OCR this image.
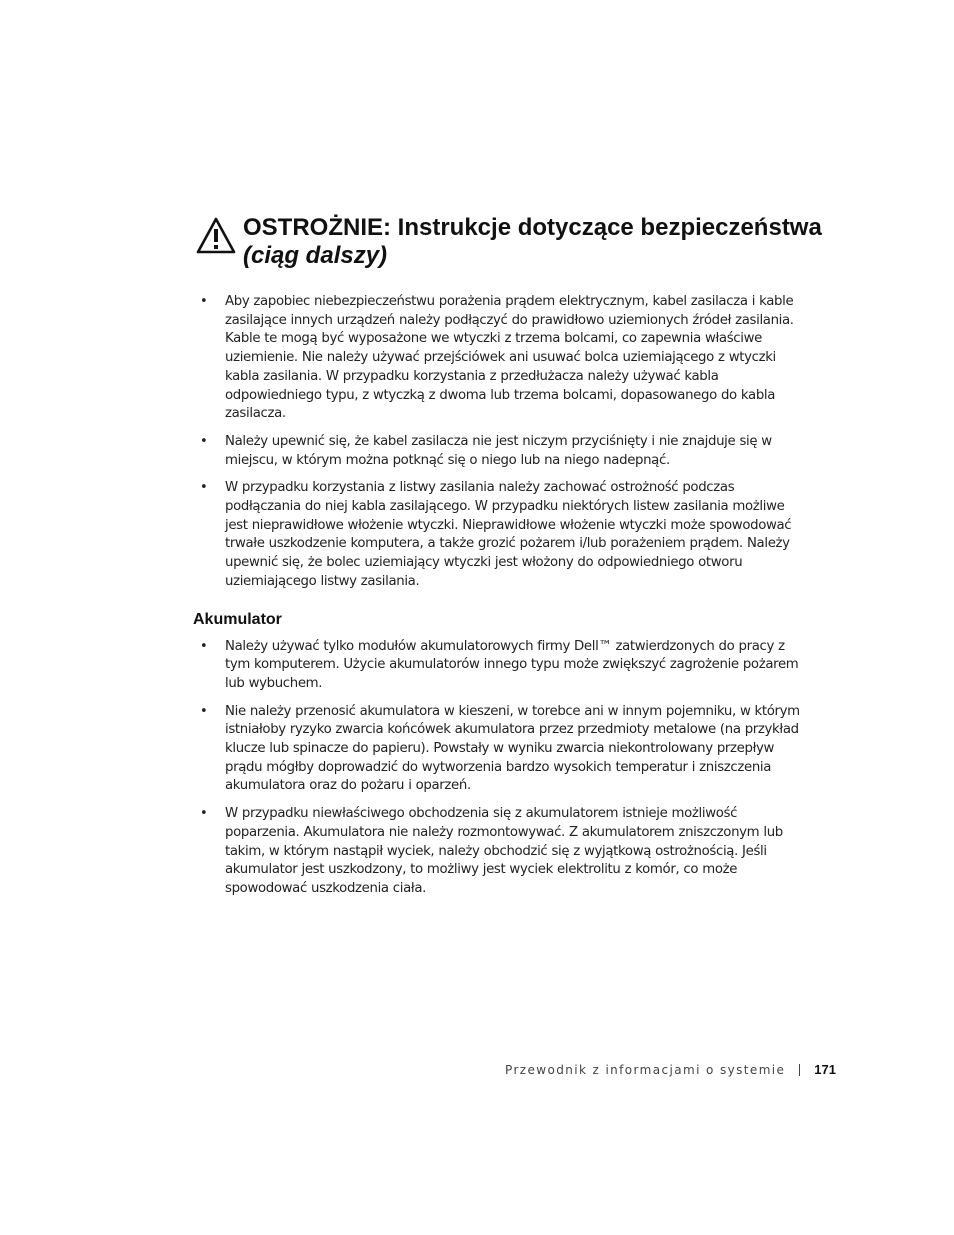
OSTROŻNIE: Instrukcje dotyczące bezpieczeństwa (ciąg dalszy)
• Aby zapobiec niebezpieczeństwu porażenia prądem elektrycznym, kabel zasilacza i kable zasilające innych urządzeń należy podłączyć do prawidłowo uziemionych źródeł zasilania. Kable te mogą być wyposażone we wtyczki z trzema bolcami, co zapewnia właściwe uziemienie. Nie należy używać przejściówek ani usuwać bolca uziemiającego z wtyczki kabla zasilania. W przypadku korzystania z przedłużacza należy używać kabla odpowiedniego typu, z wtyczką z dwoma lub trzema bolcami, dopasowanego do kabla zasilacza.
• Należy upewnić się, że kabel zasilacza nie jest niczym przyciśnięty i nie znajduje się w miejscu, w którym można potknąć się o niego lub na niego nadepnąć.
• W przypadku korzystania z listwy zasilania należy zachować ostrożność podczas podłączania do niej kabla zasilającego. W przypadku niektórych listew zasilania możliwe jest nieprawidłowe włożenie wtyczki. Nieprawidłowe włożenie wtyczki może spowodować trwałe uszkodzenie komputera, a także grozić pożarem i/lub porażeniem prądem. Należy upewnić się, że bolec uziemiający wtyczki jest włożony do odpowiedniego otworu uziemiającego listwy zasilania.
Akumulator
• Należy używać tylko modułów akumulatorowych firmy Dell™ zatwierdzonych do pracy z tym komputerem. Użycie akumulatorów innego typu może zwiększyć zagrożenie pożarem lub wybuchem.
• Nie należy przenosić akumulatora w kieszeni, w torebce ani w innym pojemniku, w którym istniałoby ryzyko zwarcia końcówek akumulatora przez przedmioty metalowe (na przykład klucze lub spinacze do papieru). Powstały w wyniku zwarcia niekontrolowany przepływ prądu mógłby doprowadzić do wytworzenia bardzo wysokich temperatur i zniszczenia akumulatora oraz do pożaru i oparzeń.
• W przypadku niewłaściwego obchodzenia się z akumulatorem istnieje możliwość poparzenia. Akumulatora nie należy rozmontowywać. Z akumulatorem zniszczonym lub takim, w którym nastąpił wyciek, należy obchodzić się z wyjątkową ostrożnością. Jeśli akumulator jest uszkodzony, to możliwy jest wyciek elektrolitu z komór, co może spowodować uszkodzenia ciała.
Przewodnik z informacjami o systemie 171
